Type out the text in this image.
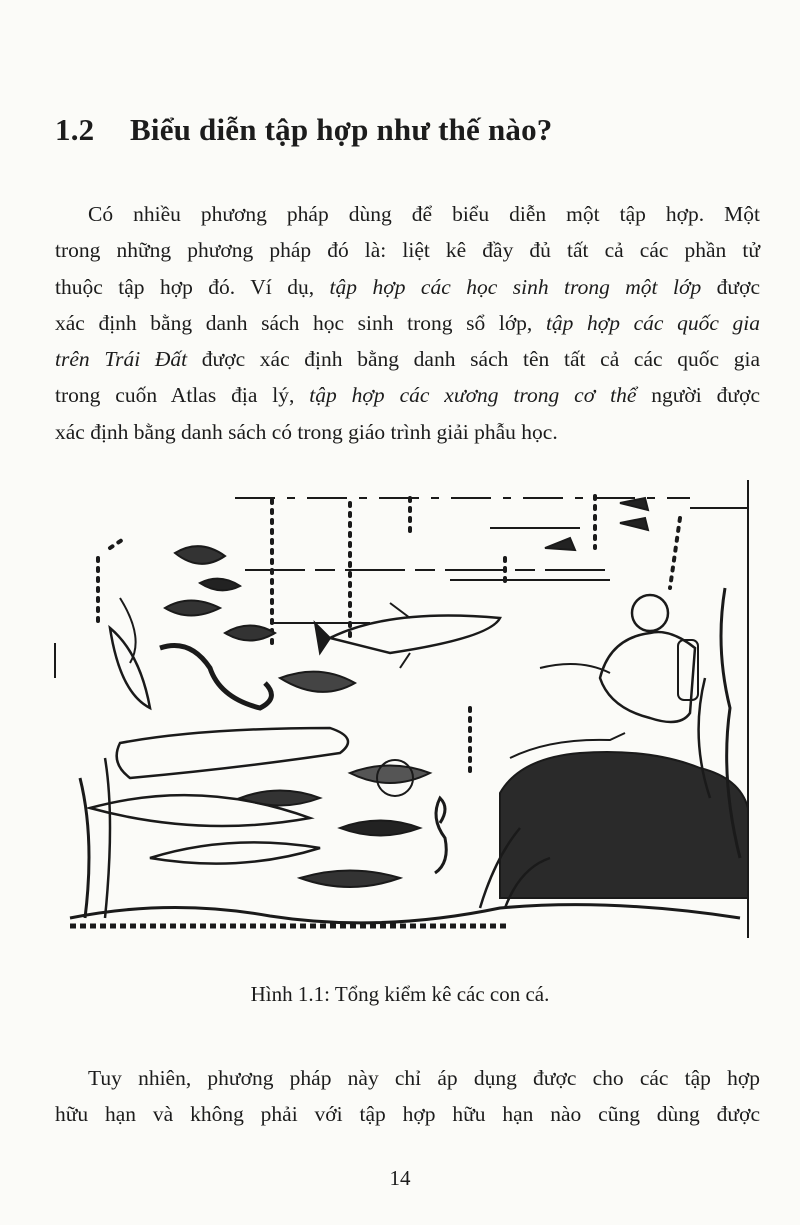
1.2 Biểu diễn tập hợp như thế nào?
Có nhiều phương pháp dùng để biểu diễn một tập hợp. Một
trong những phương pháp đó là: liệt kê đầy đủ tất cả các phần tử
thuộc tập hợp đó. Ví dụ, tập hợp các học sinh trong một lớp được
xác định bằng danh sách học sinh trong sổ lớp, tập hợp các quốc gia
trên Trái Đất được xác định bằng danh sách tên tất cả các quốc gia
trong cuốn Atlas địa lý, tập hợp các xương trong cơ thể người được
xác định bằng danh sách có trong giáo trình giải phẫu học.
Hình 1.1: Tổng kiểm kê các con cá.
Tuy nhiên, phương pháp này chỉ áp dụng được cho các tập hợp
hữu hạn và không phải với tập hợp hữu hạn nào cũng dùng được
14
